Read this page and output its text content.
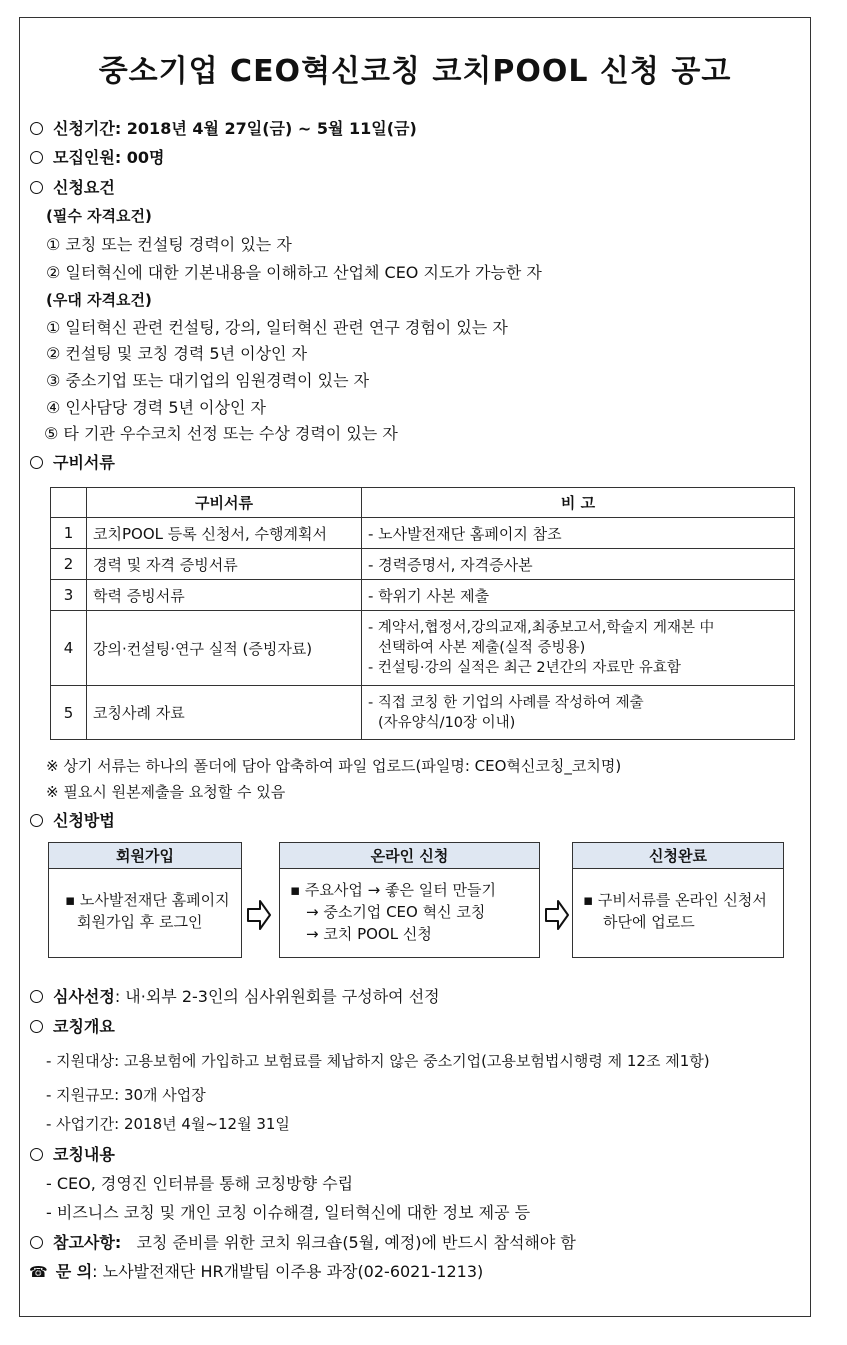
중소기업 CEO혁신코칭 코치POOL 신청 공고
신청기간: 2018년 4월 27일(금) ~ 5월 11일(금)
모집인원: 00명
신청요건
(필수 자격요건)
① 코칭 또는 컨설팅 경력이 있는 자
② 일터혁신에 대한 기본내용을 이해하고 산업체 CEO 지도가 가능한 자
(우대 자격요건)
① 일터혁신 관련 컨설팅, 강의, 일터혁신 관련 연구 경험이 있는 자
② 컨설팅 및 코칭 경력 5년 이상인 자
③ 중소기업 또는 대기업의 임원경력이 있는 자
④ 인사담당 경력 5년 이상인 자
⑤ 타 기관 우수코치 선정 또는 수상 경력이 있는 자
구비서류
	구비서류	비 고
1	코치POOL 등록 신청서, 수행계획서	- 노사발전재단 홈페이지 참조
2	경력 및 자격 증빙서류	- 경력증명서, 자격증사본
3	학력 증빙서류	- 학위기 사본 제출
4	강의·컨설팅·연구 실적 (증빙자료)	- 계약서,협정서,강의교재,최종보고서,학술지 게재본 中
선택하여 사본 제출(실적 증빙용)
- 컨설팅·강의 실적은 최근 2년간의 자료만 유효함

5	코칭사례 자료	- 직접 코칭 한 기업의 사례를 작성하여 제출
(자유양식/10장 이내)
※ 상기 서류는 하나의 폴더에 담아 압축하여 파일 업로드(파일명: CEO혁신코칭_코치명)
※ 필요시 원본제출을 요청할 수 있음
신청방법
회원가입
▪ 노사발전재단 홈페이지
회원가입 후 로그인
온라인 신청
▪ 주요사업 → 좋은 일터 만들기
→ 중소기업 CEO 혁신 코칭
→ 코치 POOL 신청
신청완료
▪ 구비서류를 온라인 신청서
하단에 업로드
심사선정: 내·외부 2-3인의 심사위원회를 구성하여 선정
코칭개요
- 지원대상: 고용보험에 가입하고 보험료를 체납하지 않은 중소기업(고용보험법시행령 제 12조 제1항)
- 지원규모: 30개 사업장
- 사업기간: 2018년 4월~12월 31일
코칭내용
- CEO, 경영진 인터뷰를 통해 코칭방향 수립
- 비즈니스 코칭 및 개인 코칭 이슈해결, 일터혁신에 대한 정보 제공 등
참고사항: 코칭 준비를 위한 코치 워크숍(5월, 예정)에 반드시 참석해야 함
☎ 문 의: 노사발전재단 HR개발팀 이주용 과장(02-6021-1213)
